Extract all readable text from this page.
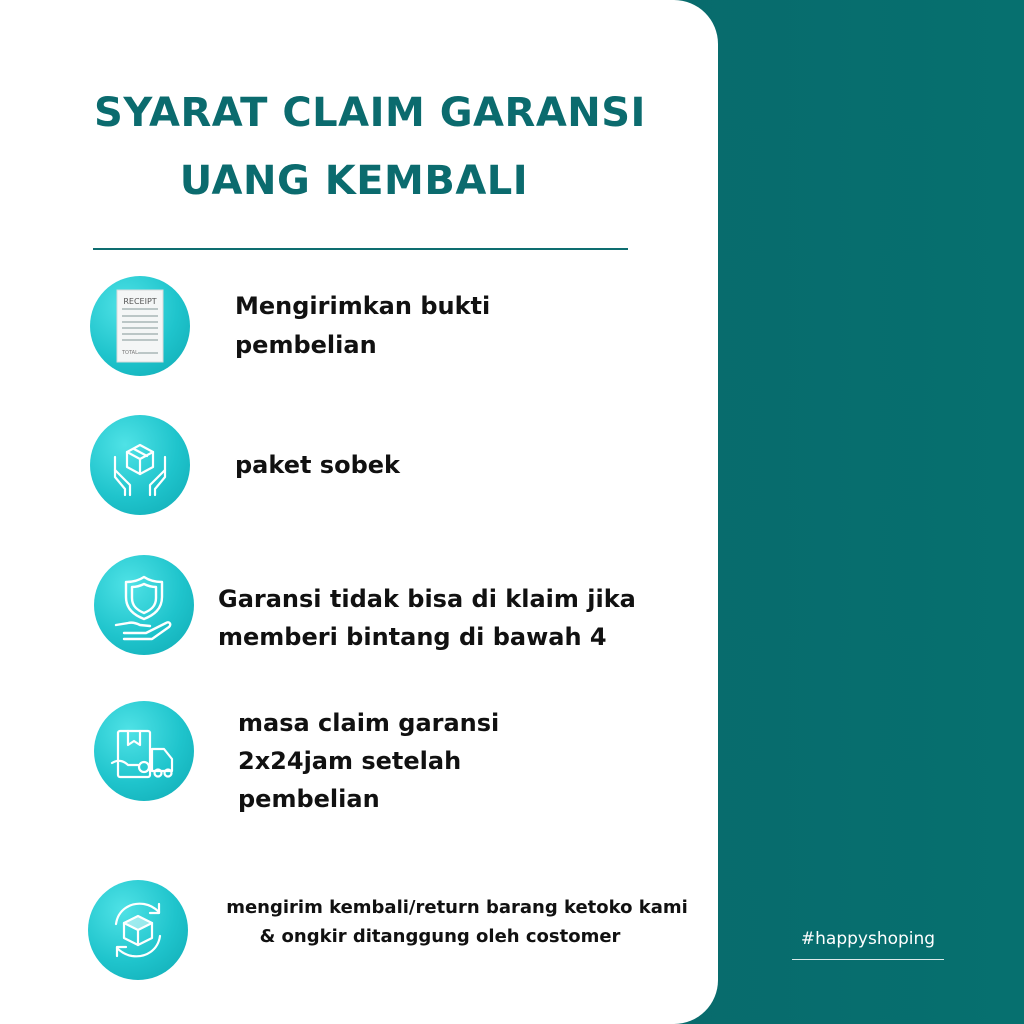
SYARAT CLAIM GARANSI
UANG KEMBALI
RECEIPT
TOTAL

Mengirimkan bukti

pembelian

paket sobek

Garansi tidak bisa di klaim jika

memberi bintang di bawah 4

masa claim garansi

2x24jam setelah

pembelian

mengirim kembali/return barang ketoko kami

& ongkir ditanggung oleh costomer	#happyshoping
